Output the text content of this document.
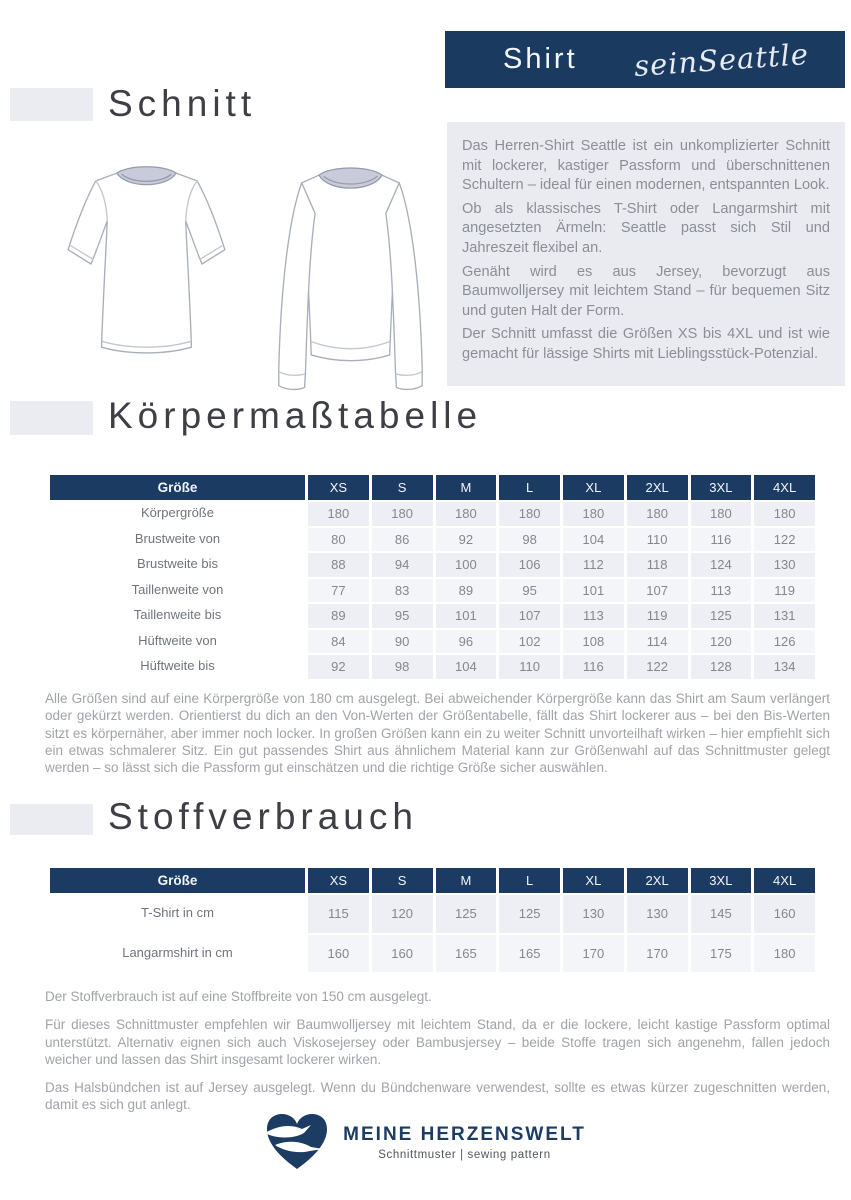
Shirt seinSeattle
Schnitt

Das Herren-Shirt Seattle ist ein unkomplizierter Schnitt mit lockerer, kastiger Passform und überschnittenen Schultern – ideal für einen modernen, entspannten Look.

Ob als klassisches T-Shirt oder Langarmshirt mit angesetzten Ärmeln: Seattle passt sich Stil und Jahreszeit flexibel an.

Genäht wird es aus Jersey, bevorzugt aus Baumwolljersey mit leichtem Stand – für bequemen Sitz und guten Halt der Form.

Der Schnitt umfasst die Größen XS bis 4XL und ist wie gemacht für lässige Shirts mit Lieblingsstück-Potenzial.

Körpermaßtabelle
Größe	XS	S	M	L	XL	2XL	3XL	4XL
Körpergröße	180	180	180	180	180	180	180	180
Brustweite von	80	86	92	98	104	110	116	122
Brustweite bis	88	94	100	106	112	118	124	130
Taillenweite von	77	83	89	95	101	107	113	119
Taillenweite bis	89	95	101	107	113	119	125	131
Hüftweite von	84	90	96	102	108	114	120	126
Hüftweite bis	92	98	104	110	116	122	128	134

Alle Größen sind auf eine Körpergröße von 180 cm ausgelegt. Bei abweichender Körpergröße kann das Shirt am Saum verlängert oder gekürzt werden. Orientierst du dich an den Von-Werten der Größentabelle, fällt das Shirt lockerer aus – bei den Bis-Werten sitzt es körpernäher, aber immer noch locker. In großen Größen kann ein zu weiter Schnitt unvorteilhaft wirken – hier empfiehlt sich ein etwas schmalerer Sitz. Ein gut passendes Shirt aus ähnlichem Material kann zur Größenwahl auf das Schnittmuster gelegt werden – so lässt sich die Passform gut einschätzen und die richtige Größe sicher auswählen.

Stoffverbrauch
Größe	XS	S	M	L	XL	2XL	3XL	4XL
T-Shirt in cm	115	120	125	125	130	130	145	160
Langarmshirt in cm	160	160	165	165	170	170	175	180

Der Stoffverbrauch ist auf eine Stoffbreite von 150 cm ausgelegt.

Für dieses Schnittmuster empfehlen wir Baumwolljersey mit leichtem Stand, da er die lockere, leicht kastige Passform optimal unterstützt. Alternativ eignen sich auch Viskosejersey oder Bambusjersey – beide Stoffe tragen sich angenehm, fallen jedoch weicher und lassen das Shirt insgesamt lockerer wirken.

Das Halsbündchen ist auf Jersey ausgelegt. Wenn du Bündchenware verwendest, sollte es etwas kürzer zugeschnitten werden, damit es sich gut anlegt.

MEINE HERZENSWELT
Schnittmuster | sewing pattern
